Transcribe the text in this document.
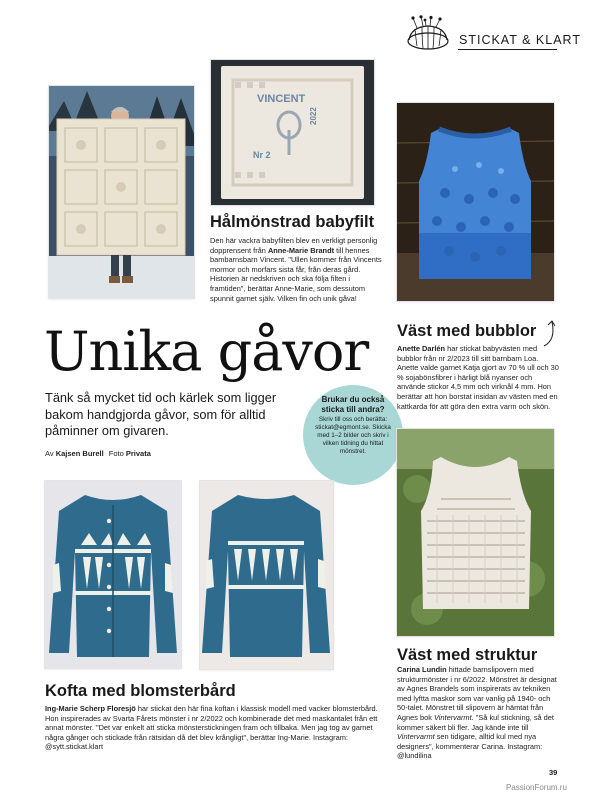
STICKAT & KLART
VINCENT
2022
Nr 2
Hålmönstrad babyfilt

Den här vackra babyfilten blev en verkligt personlig dopprensent från Anne-Marie Brandt till hennes bambarnsbarn Vincent. "Ullen kommer från Vincents mormor och morfars sista får, från deras gård. Historien är nedskriven och ska följa filten i framtiden", berättar Anne-Marie, som dessutom spunnit garnet själv. Vilken fin och unik gåva!

Unika gåvor Väst med bubblor

Anette Darlén har stickat babyvästen med bubblor från nr 2/2023 till sitt barnbarn Loa. Anette valde garnet Katja gjort av 70 % ull och 30 % sojabönsfibrer i härligt blå nyanser och använde stickor 4,5 mm och virknål 4 mm. Hon berättar att hon borstat insidan av västen med en kattkarda för att göra den extra varm och skön.

Tänk så mycket tid och kärlek som ligger bakom handgjorda gåvor, som för alltid påminner om givaren.
Av Kajsen Burell Foto Privata
Brukar du också sticka till andra?
Skriv till oss och berätta: stickat@egmont.se. Skicka med 1–2 bilder och skriv i vilken tidning du hittat mönstret.
Väst med struktur

Carina Lundin hittade barnslipovern med strukturmönster i nr 6/2022. Mönstret är designat av Agnes Brandels som inspirerats av tekniken med lyftta maskor som var vanlig på 1940- och 50-talet. Mönstret till slipovern är hämtat från Agnes bok Vintervarmt. "Så kul stickning, så det kommer säkert bli fler. Jag kände inte till Vintervarmt sen tidigare, alltid kul med nya designers", kommenterar Carina. Instagram: @lundilina

Kofta med blomsterbård

Ing-Marie Scherp Floresjö har stickat den här fina koftan i klassisk modell med vacker blomsterbård. Hon inspirerades av Svarta Fårets mönster i nr 2/2022 och kombinerade det med maskantalet från ett annat mönster. "Det var enkelt att sticka mönsterstickningen fram och tillbaka. Men jag tog av garnet några gånger och stickade från rätsidan då det blev krångligt", berättar Ing-Marie. Instagram: @sytt.stickat.klart

39
PassionForum.ru
